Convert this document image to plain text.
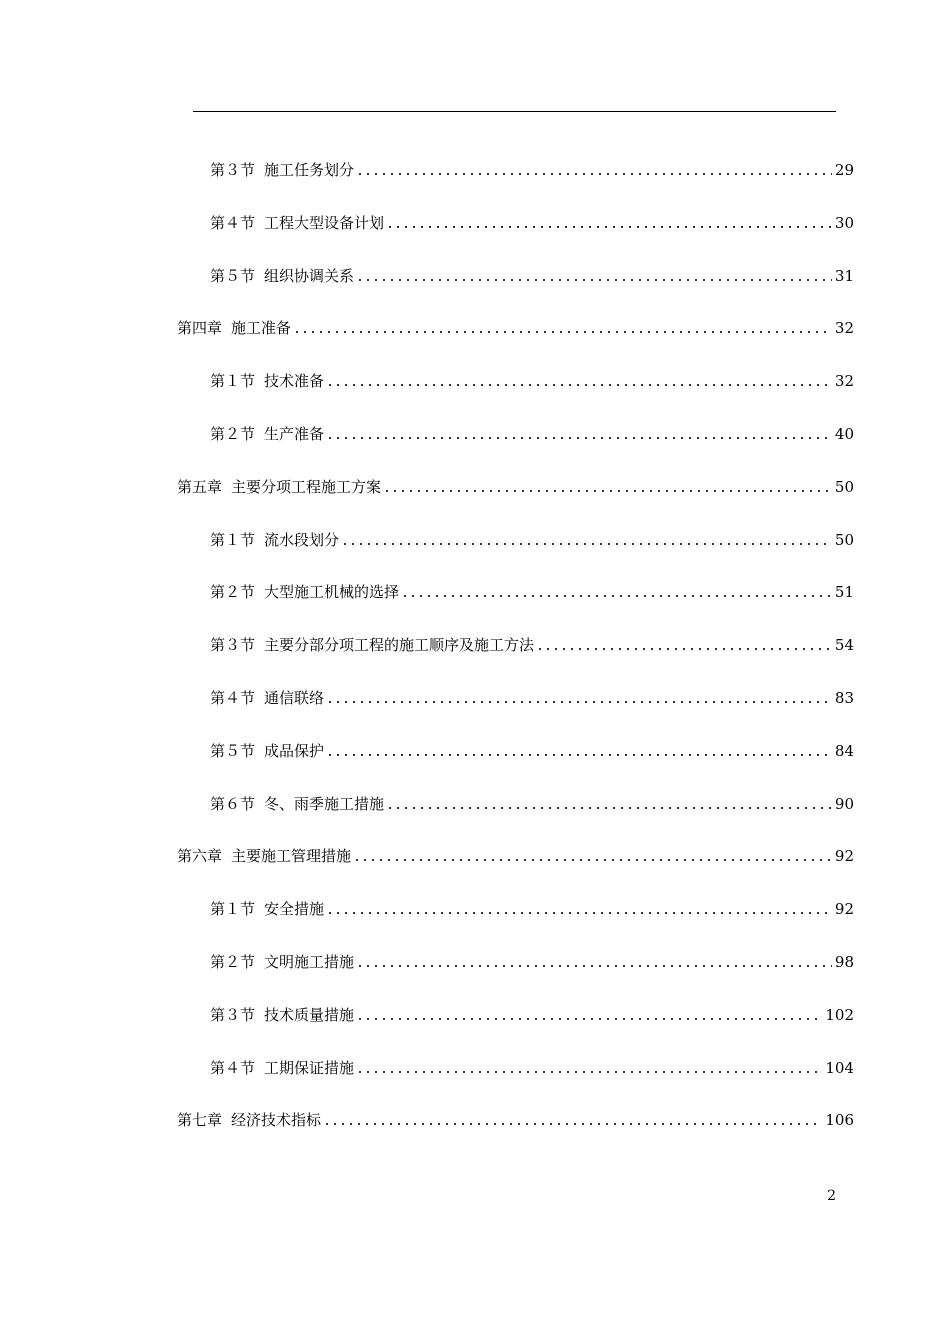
第３节 施工任务划分	29
第４节 工程大型设备计划	30
第５节 组织协调关系	31
第四章 施工准备	32
第１节 技术准备	32
第２节 生产准备	40
第五章 主要分项工程施工方案	50
第１节 流水段划分	50
第２节 大型施工机械的选择	51
第３节 主要分部分项工程的施工顺序及施工方法	54
第４节 通信联络	83
第５节 成品保护	84
第６节 冬、雨季施工措施	90
第六章 主要施工管理措施	92
第１节 安全措施	92
第２节 文明施工措施	98
第３节 技术质量措施	102
第４节 工期保证措施	104
第七章 经济技术指标	106
2
